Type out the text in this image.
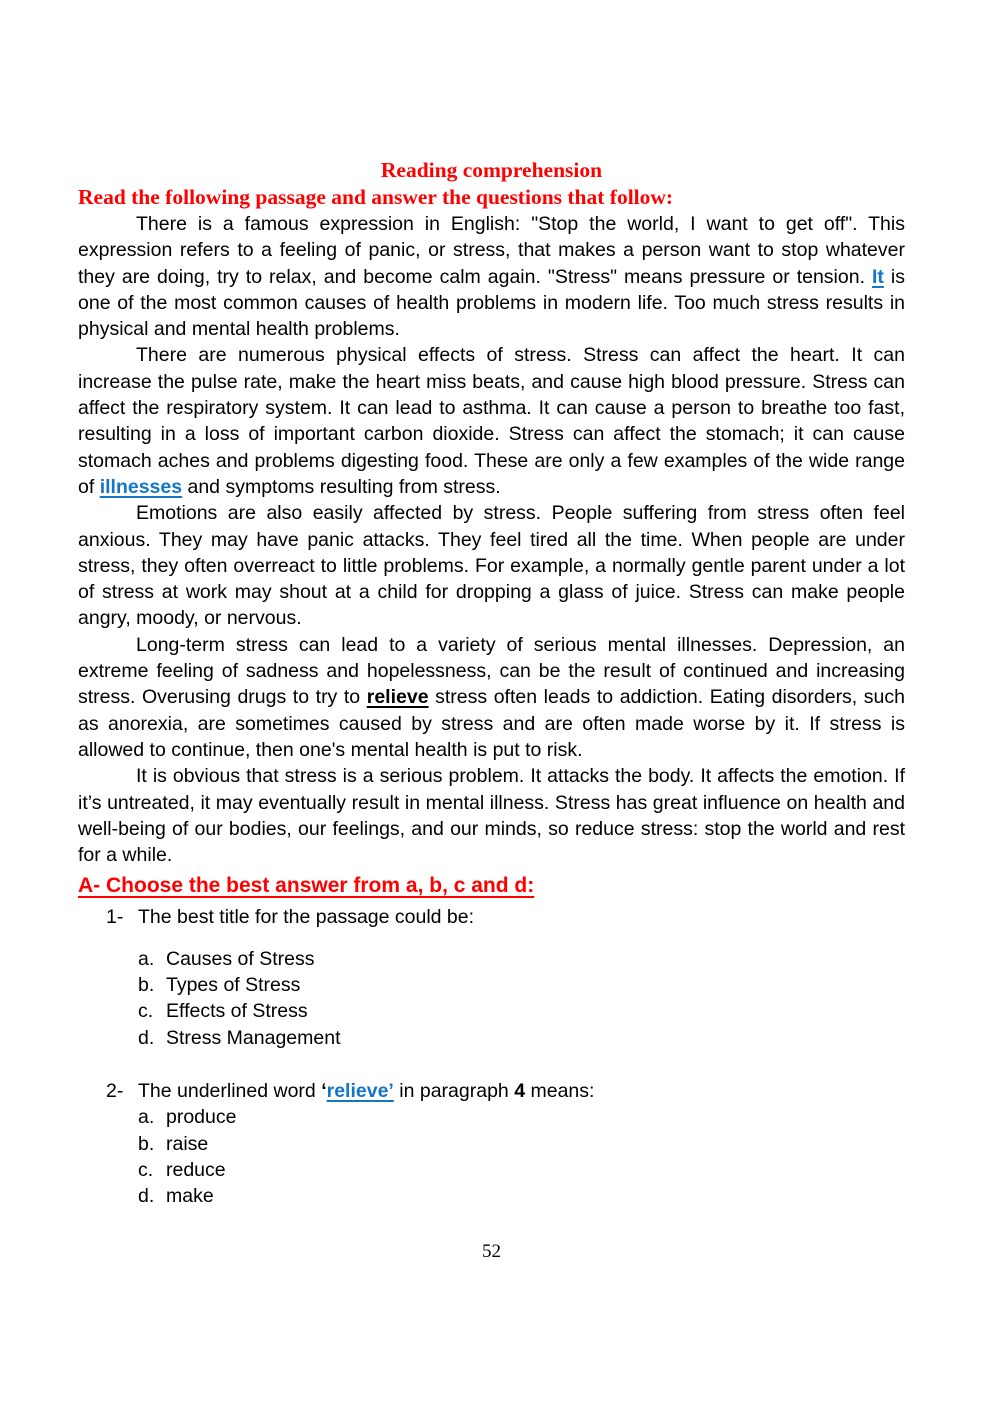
Reading comprehension
Read the following passage and answer the questions that follow:

There is a famous expression in English: "Stop the world, I want to get off". This expression refers to a feeling of panic, or stress, that makes a person want to stop whatever they are doing, try to relax, and become calm again. "Stress" means pressure or tension. It is one of the most common causes of health problems in modern life. Too much stress results in physical and mental health problems.

There are numerous physical effects of stress. Stress can affect the heart. It can increase the pulse rate, make the heart miss beats, and cause high blood pressure. Stress can affect the respiratory system. It can lead to asthma. It can cause a person to breathe too fast, resulting in a loss of important carbon dioxide. Stress can affect the stomach; it can cause stomach aches and problems digesting food. These are only a few examples of the wide range of illnesses and symptoms resulting from stress.

Emotions are also easily affected by stress. People suffering from stress often feel anxious. They may have panic attacks. They feel tired all the time. When people are under stress, they often overreact to little problems. For example, a normally gentle parent under a lot of stress at work may shout at a child for dropping a glass of juice. Stress can make people angry, moody, or nervous.

Long-term stress can lead to a variety of serious mental illnesses. Depression, an extreme feeling of sadness and hopelessness, can be the result of continued and increasing stress. Overusing drugs to try to relieve stress often leads to addiction. Eating disorders, such as anorexia, are sometimes caused by stress and are often made worse by it. If stress is allowed to continue, then one's mental health is put to risk.

It is obvious that stress is a serious problem. It attacks the body. It affects the emotion. If it’s untreated, it may eventually result in mental illness. Stress has great influence on health and well-being of our bodies, our feelings, and our minds, so reduce stress: stop the world and rest for a while.

A- Choose the best answer from a, b, c and d:
1- The best title for the passage could be:
a. Causes of Stress
b. Types of Stress
c. Effects of Stress
d. Stress Management
2- The underlined word ‘relieve’ in paragraph 4 means:
a. produce
b. raise
c. reduce
d. make
52
